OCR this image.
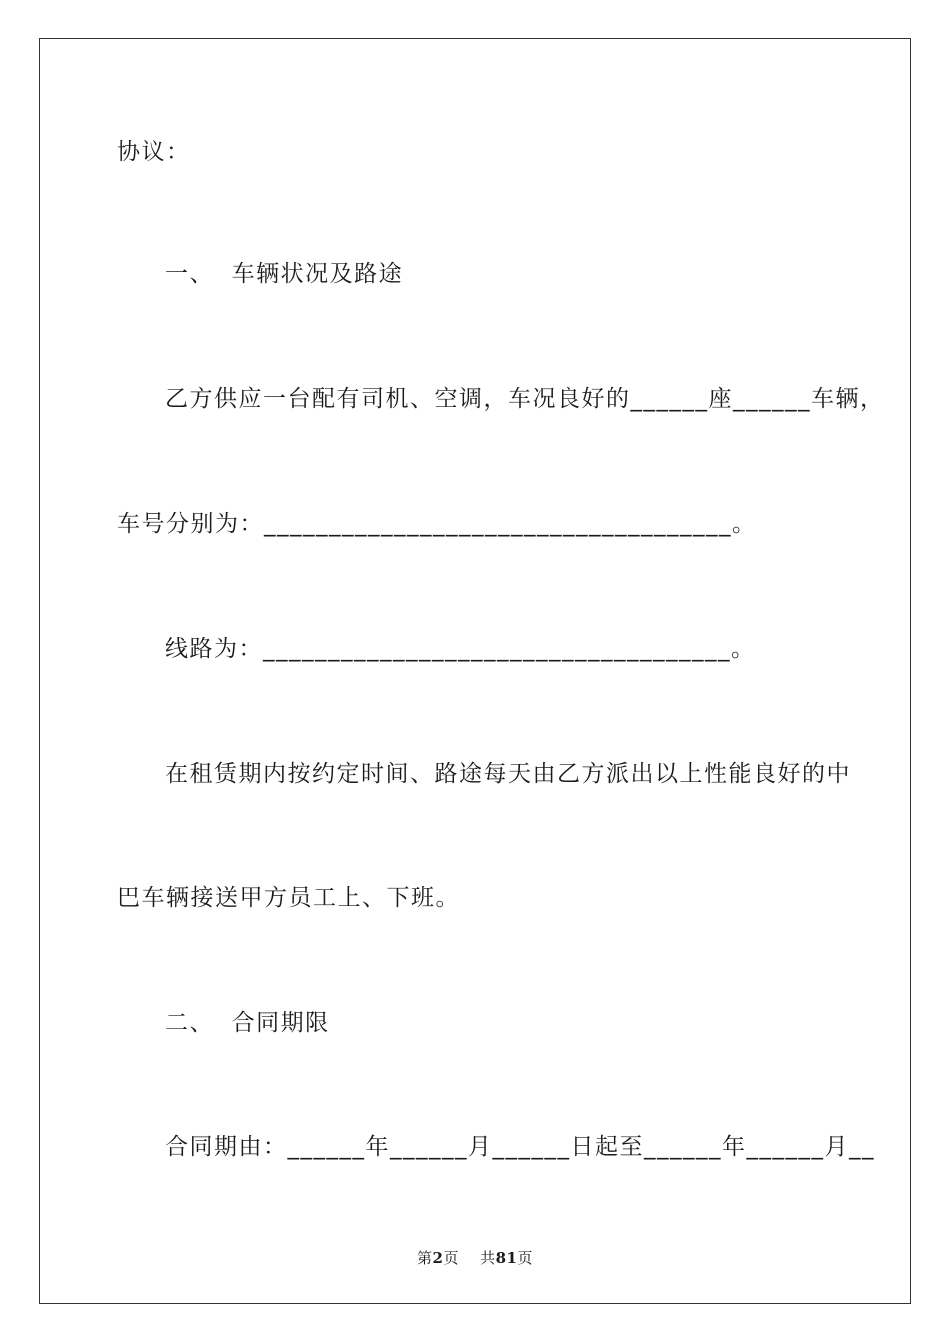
协议：
一、  车辆状况及路途
乙方供应一台配有司机、空调，车况良好的______座______车辆，
车号分别为：____________________________________。
线路为：____________________________________。
在租赁期内按约定时间、路途每天由乙方派出以上性能良好的中
巴车辆接送甲方员工上、下班。
二、  合同期限
合同期由：______年______月______日起至______年______月__
第2页 共81页
